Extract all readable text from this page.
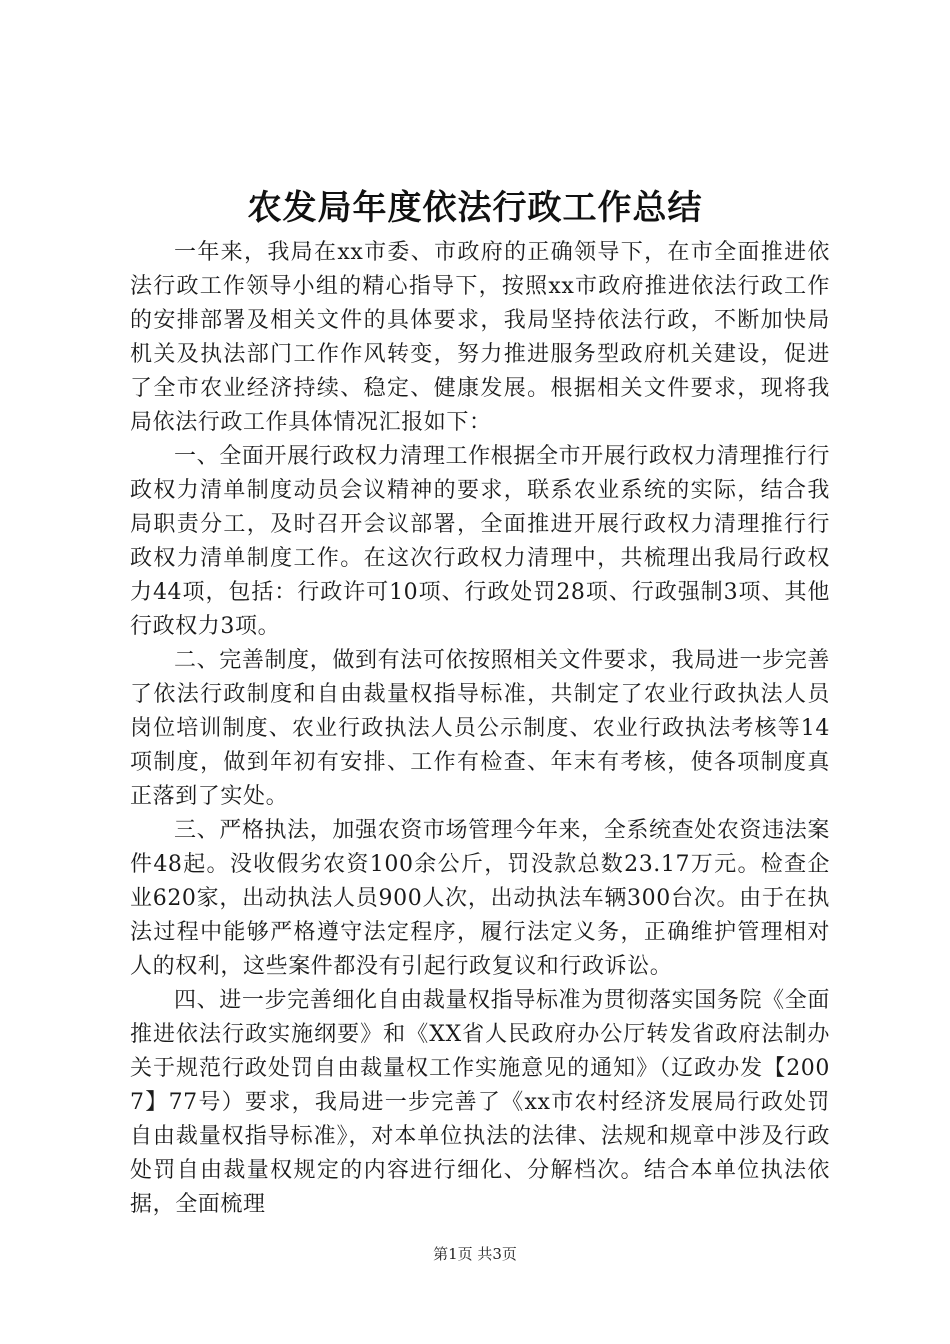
农发局年度依法行政工作总结

一年来，我局在xx市委、市政府的正确领导下，在市全面推进依法行政工作领导小组的精心指导下，按照xx市政府推进依法行政工作的安排部署及相关文件的具体要求，我局坚持依法行政，不断加快局机关及执法部门工作作风转变，努力推进服务型政府机关建设，促进了全市农业经济持续、稳定、健康发展。根据相关文件要求，现将我局依法行政工作具体情况汇报如下：

一、全面开展行政权力清理工作根据全市开展行政权力清理推行行政权力清单制度动员会议精神的要求，联系农业系统的实际，结合我局职责分工，及时召开会议部署，全面推进开展行政权力清理推行行政权力清单制度工作。在这次行政权力清理中，共梳理出我局行政权力44项，包括：行政许可10项、行政处罚28项、行政强制3项、其他行政权力3项。

二、完善制度，做到有法可依按照相关文件要求，我局进一步完善了依法行政制度和自由裁量权指导标准，共制定了农业行政执法人员岗位培训制度、农业行政执法人员公示制度、农业行政执法考核等14项制度，做到年初有安排、工作有检查、年末有考核，使各项制度真正落到了实处。

三、严格执法，加强农资市场管理今年来，全系统查处农资违法案件48起。没收假劣农资100余公斤，罚没款总数23.17万元。检查企业620家，出动执法人员900人次，出动执法车辆300台次。由于在执法过程中能够严格遵守法定程序，履行法定义务，正确维护管理相对人的权利，这些案件都没有引起行政复议和行政诉讼。

四、进一步完善细化自由裁量权指导标准为贯彻落实国务院《全面推进依法行政实施纲要》和《XX省人民政府办公厅转发省政府法制办关于规范行政处罚自由裁量权工作实施意见的通知》（辽政办发【2007】77号）要求，我局进一步完善了《xx市农村经济发展局行政处罚自由裁量权指导标准》，对本单位执法的法律、法规和规章中涉及行政处罚自由裁量权规定的内容进行细化、分解档次。结合本单位执法依据，全面梳理

第1页 共3页
